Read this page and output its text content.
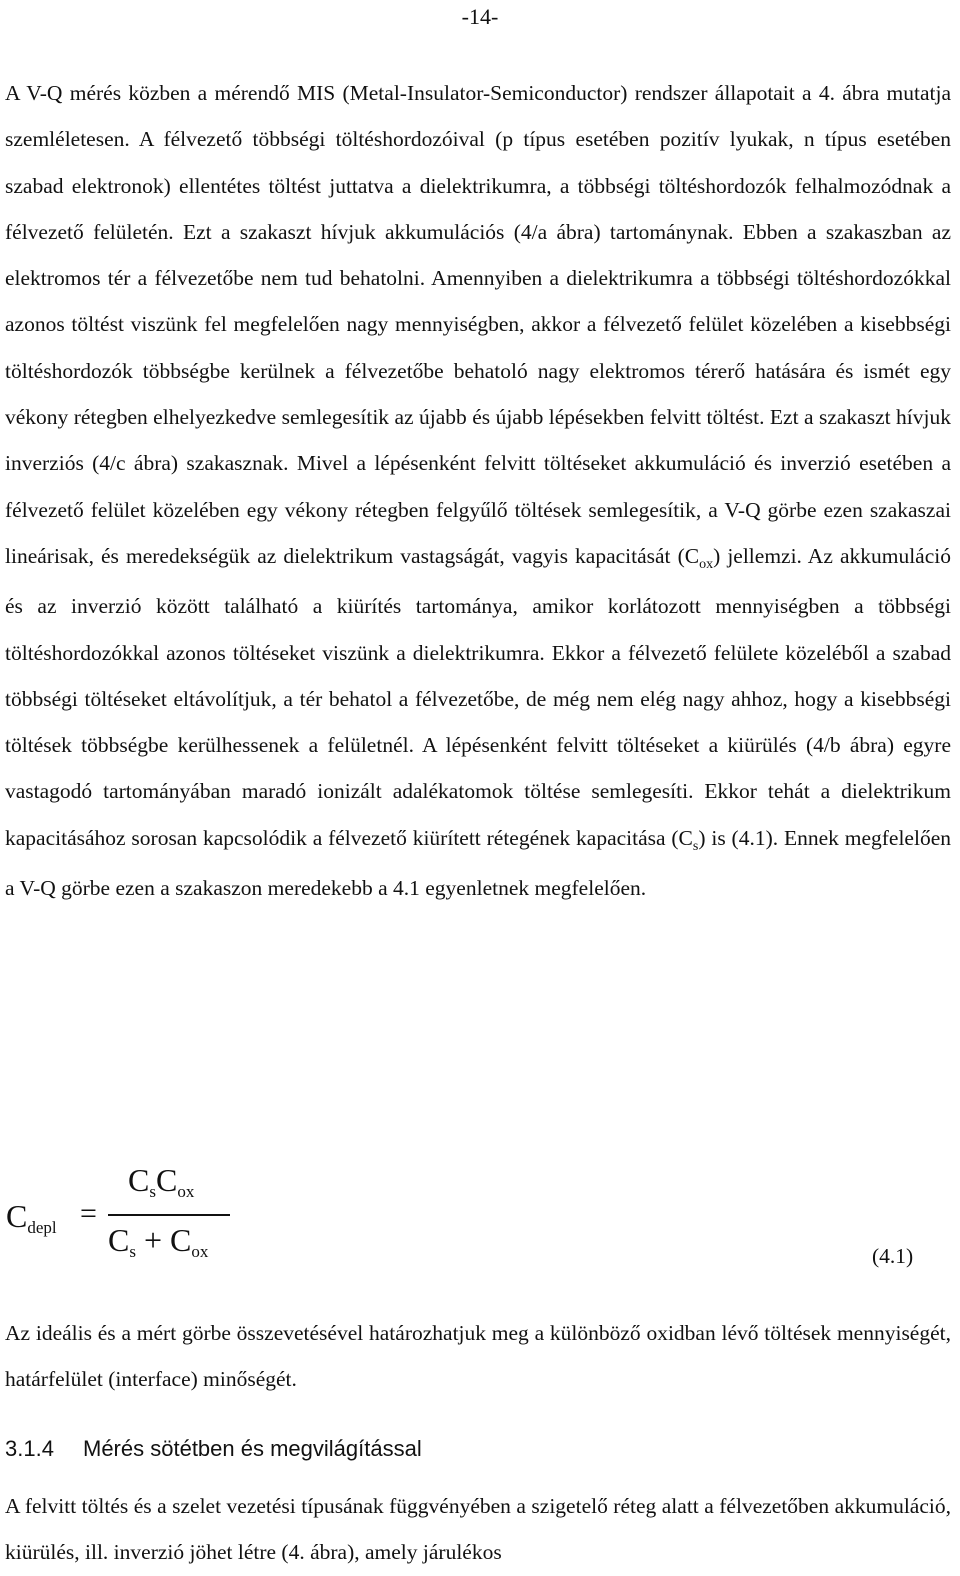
-14-

A V-Q mérés közben a mérendő MIS (Metal-Insulator-Semiconductor) rendszer állapotait a 4. ábra mutatja szemléletesen. A félvezető többségi töltéshordozóival (p típus esetében pozitív lyukak, n típus esetében szabad elektronok) ellentétes töltést juttatva a dielektrikumra, a többségi töltéshordozók felhalmozódnak a félvezető felületén. Ezt a szakaszt hívjuk akkumulációs (4/a ábra) tartománynak. Ebben a szakaszban az elektromos tér a félvezetőbe nem tud behatolni. Amennyiben a dielektrikumra a többségi töltéshordozókkal azonos töltést viszünk fel megfelelően nagy mennyiségben, akkor a félvezető felület közelében a kisebbségi töltéshordozók többségbe kerülnek a félvezetőbe behatoló nagy elektromos térerő hatására és ismét egy vékony rétegben elhelyezkedve semlegesítik az újabb és újabb lépésekben felvitt töltést. Ezt a szakaszt hívjuk inverziós (4/c ábra) szakasznak. Mivel a lépésenként felvitt töltéseket akkumuláció és inverzió esetében a félvezető felület közelében egy vékony rétegben felgyűlő töltések semlegesítik, a V-Q görbe ezen szakaszai lineárisak, és meredekségük az dielektrikum vastagságát, vagyis kapacitását $(C_{ox})$ jellemzi. Az akkumuláció és az inverzió között található a kiürítés tartománya, amikor korlátozott mennyiségben a többségi töltéshordozókkal azonos töltéseket viszünk a dielektrikumra. Ekkor a félvezető felülete közeléből a szabad többségi töltéseket eltávolítjuk, a tér behatol a félvezetőbe, de még nem elég nagy ahhoz, hogy a kisebbségi töltések többségbe kerülhessenek a felületnél. A lépésenként felvitt töltéseket a kiürülés (4/b ábra) egyre vastagodó tartományában maradó ionizált adalékatomok töltése semlegesíti. Ekkor tehát a dielektrikum kapacitásához sorosan kapcsolódik a félvezető kiürített rétegének kapacitása $(C_s)$ is (4.1). Ennek megfelelően a V-Q görbe ezen a szakaszon meredekebb a 4.1 egyenletnek megfelelően.

Cdepl =
CsCox
Cs + Cox	(4.1)

Az ideális és a mért görbe összevetésével határozhatjuk meg a különböző oxidban lévő töltések mennyiségét, határfelület (interface) minőségét.

3.1.4 Mérés sötétben és megvilágítással

A felvitt töltés és a szelet vezetési típusának függvényében a szigetelő réteg alatt a félvezetőben akkumuláció, kiürülés, ill. inverzió jöhet létre (4. ábra), amely járulékos
